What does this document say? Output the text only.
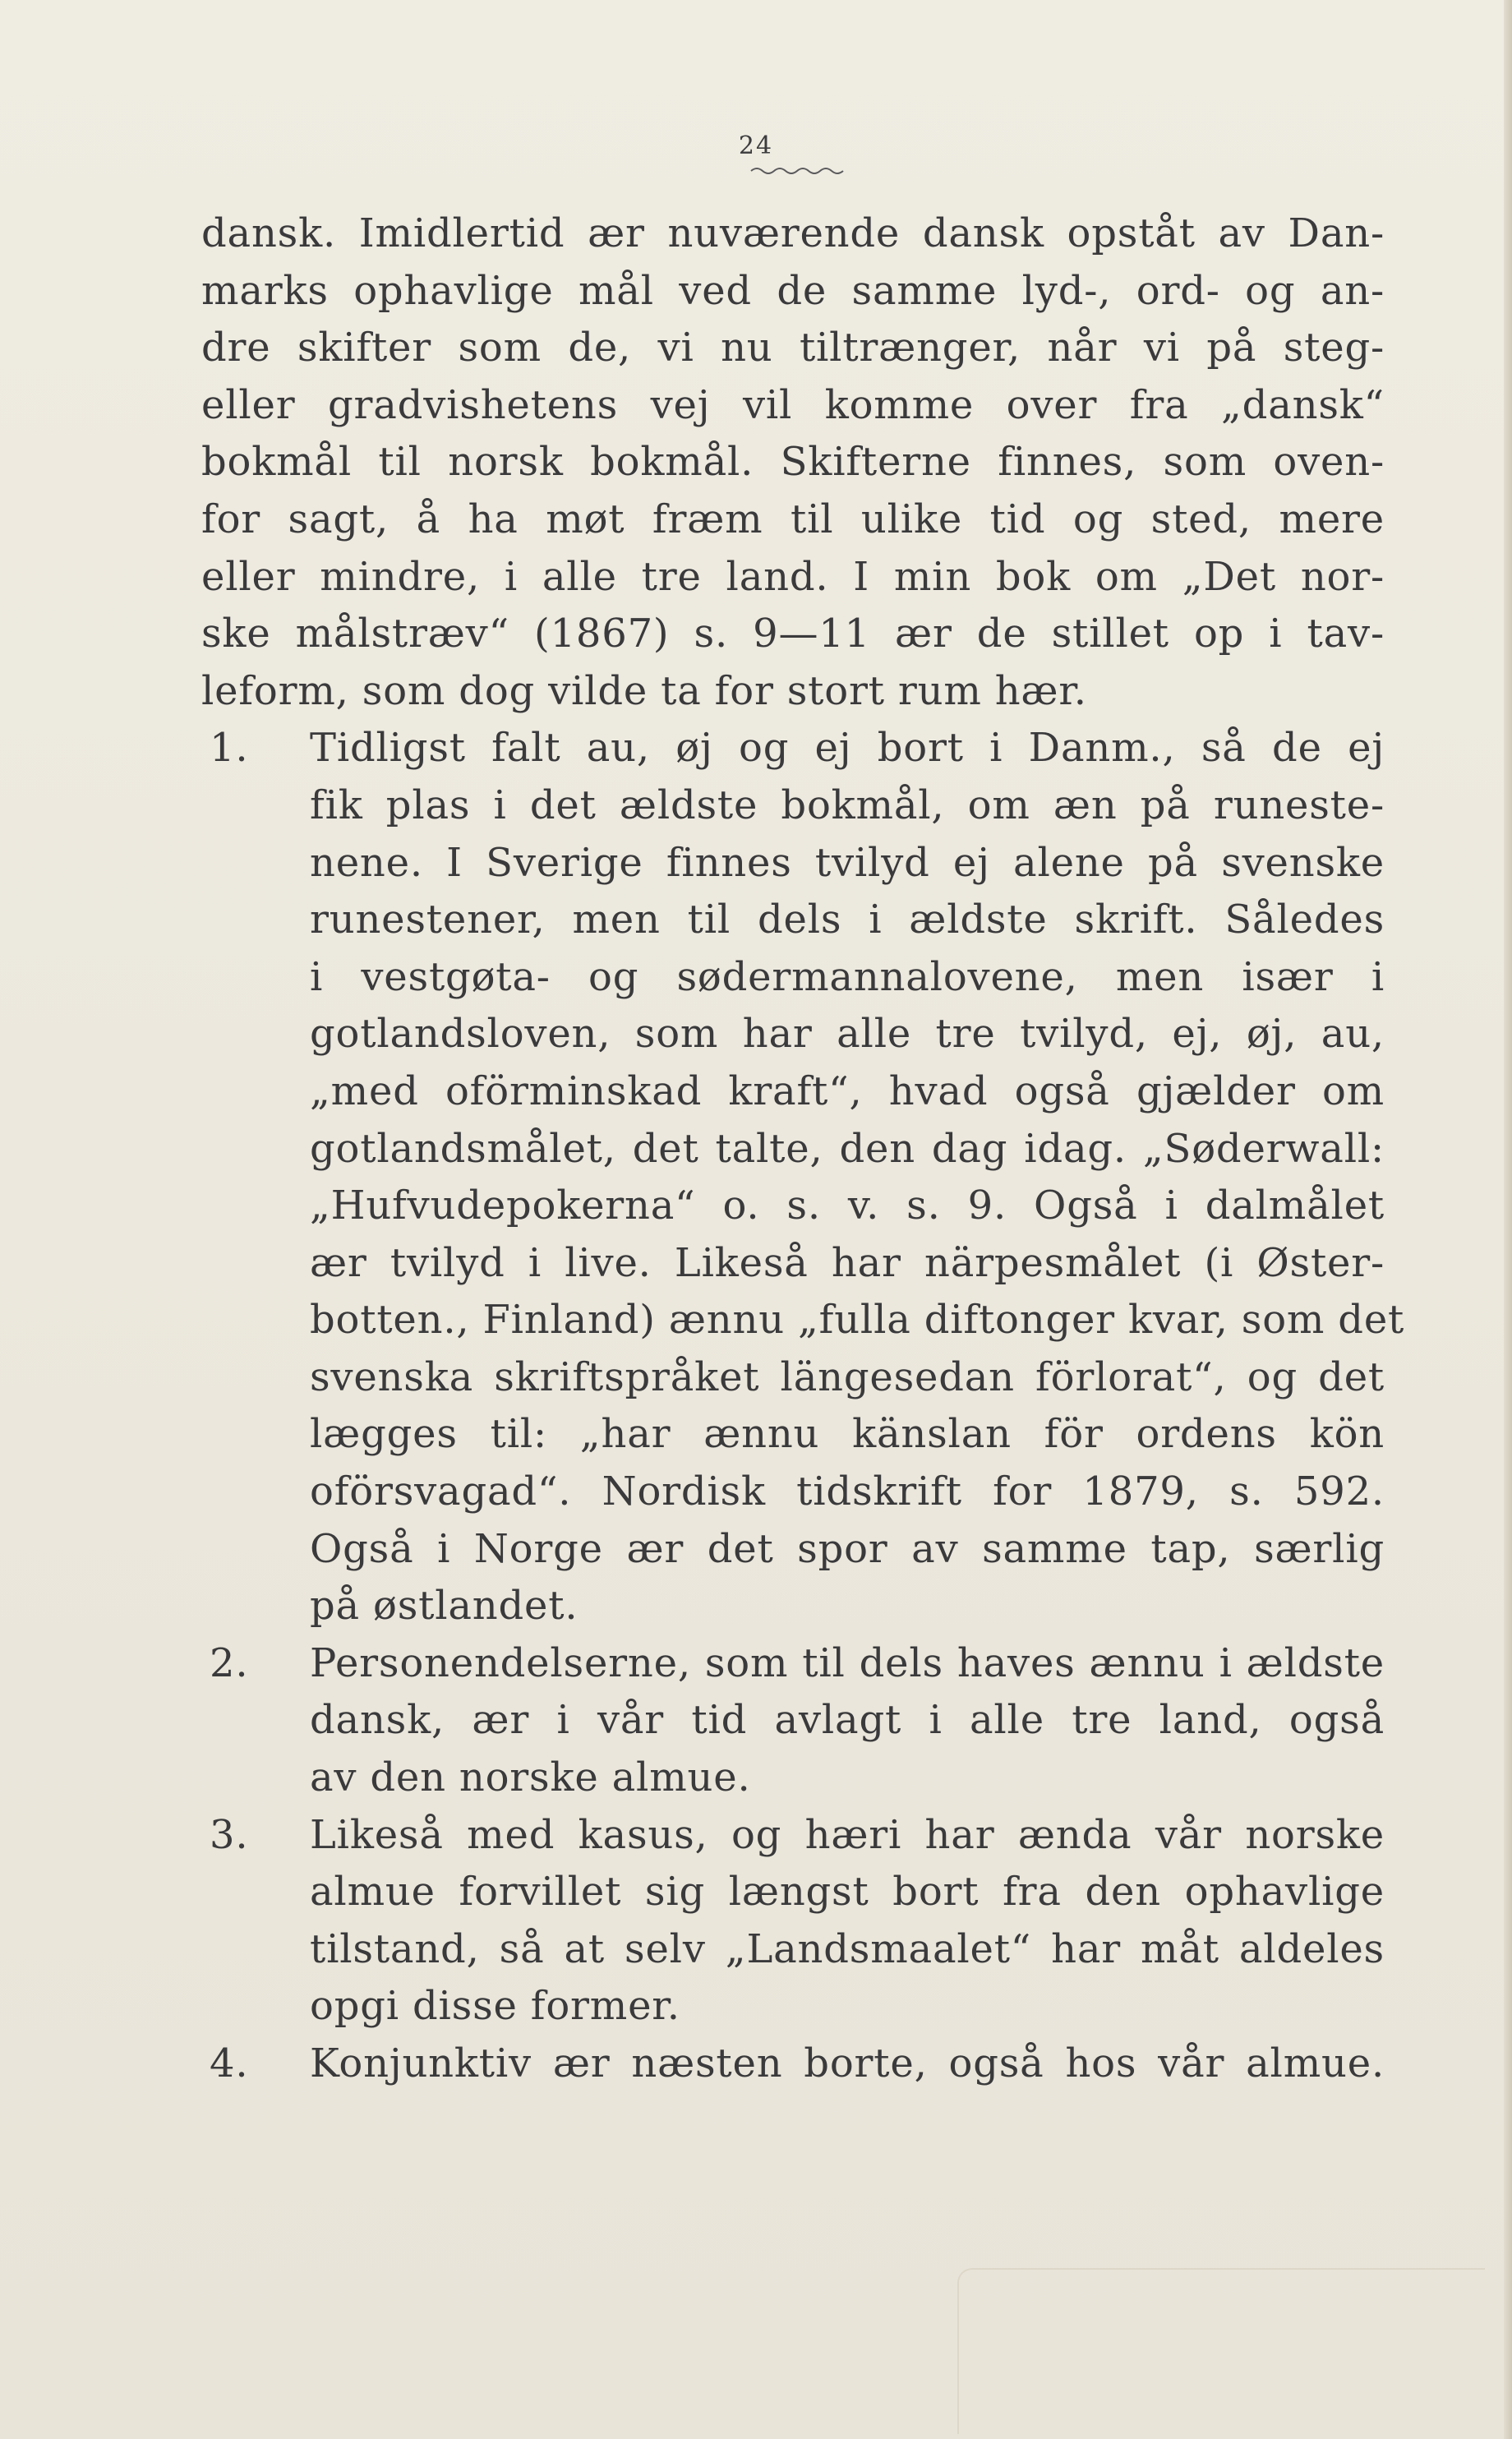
24
dansk. Imidlertid ær nuværende dansk opståt av Dan-
marks ophavlige mål ved de samme lyd-, ord- og an-
dre skifter som de, vi nu tiltrænger, når vi på steg-
eller gradvishetens vej vil komme over fra „dansk“
bokmål til norsk bokmål. Skifterne finnes, som oven-
for sagt, å ha møt fræm til ulike tid og sted, mere
eller mindre, i alle tre land. I min bok om „Det nor-
ske målstræv“ (1867) s. 9—11 ær de stillet op i tav-
leform, som dog vilde ta for stort rum hær.
1. Tidligst falt au, øj og ej bort i Danm., så de ej
fik plas i det ældste bokmål, om æn på runeste-
nene. I Sverige finnes tvilyd ej alene på svenske
runestener, men til dels i ældste skrift. Således
i vestgøta- og sødermannalovene, men især i
gotlandsloven, som har alle tre tvilyd, ej, øj, au,
„med oförminskad kraft“, hvad også gjælder om
gotlandsmålet, det talte, den dag idag. „Søderwall:
„Hufvudepokerna“ o. s. v. s. 9. Også i dalmålet
ær tvilyd i live. Likeså har närpesmålet (i Øster-
botten., Finland) ænnu „fulla diftonger kvar, som det
svenska skriftspråket längesedan förlorat“, og det
lægges til: „har ænnu känslan för ordens kön
oförsvagad“. Nordisk tidskrift for 1879, s. 592.
Også i Norge ær det spor av samme tap, særlig
på østlandet.
2. Personendelserne, som til dels haves ænnu i ældste
dansk, ær i vår tid avlagt i alle tre land, også
av den norske almue.
3. Likeså med kasus, og hæri har ænda vår norske
almue forvillet sig længst bort fra den ophavlige
tilstand, så at selv „Landsmaalet“ har måt aldeles
opgi disse former.
4. Konjunktiv ær næsten borte, også hos vår almue.
